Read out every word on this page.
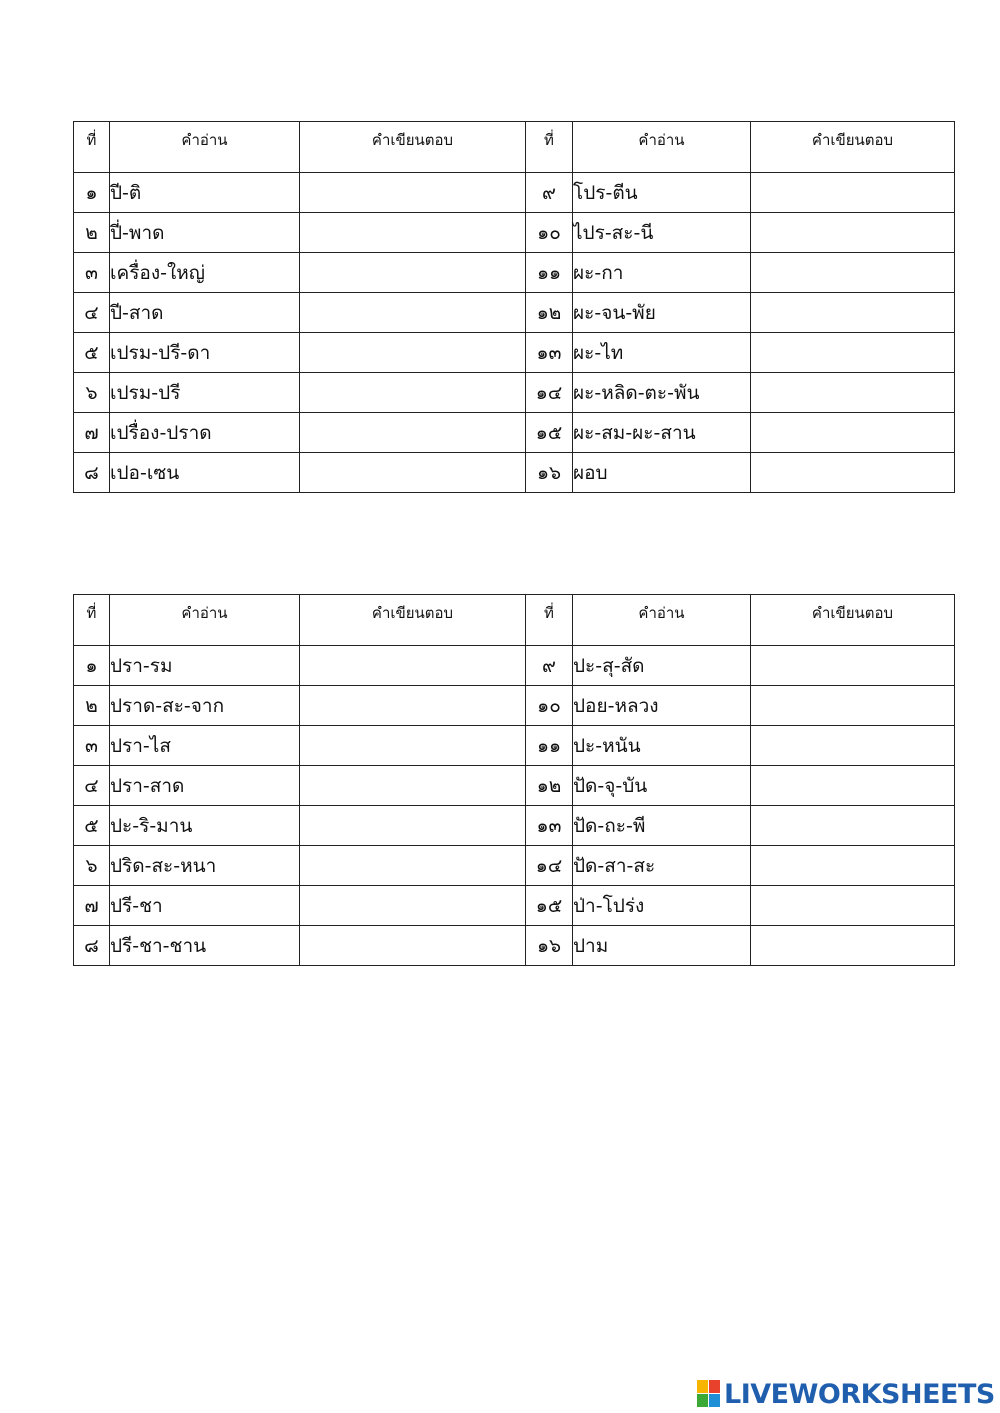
ที่	คำอ่าน	คำเขียนตอบ	ที่	คำอ่าน	คำเขียนตอบ
๑	ปี-ติ		๙	โปร-ตีน	
๒	ปี่-พาด		๑๐	ไปร-สะ-นี	
๓	เครื่อง-ใหญ่		๑๑	ผะ-กา	
๔	ปี-สาด		๑๒	ผะ-จน-พัย	
๕	เปรม-ปรี-ดา		๑๓	ผะ-ไท	
๖	เปรม-ปรี		๑๔	ผะ-หลิด-ตะ-พัน	
๗	เปรื่อง-ปราด		๑๕	ผะ-สม-ผะ-สาน	
๘	เปอ-เซน		๑๖	ผอบ	
ที่	คำอ่าน	คำเขียนตอบ	ที่	คำอ่าน	คำเขียนตอบ
๑	ปรา-รม		๙	ปะ-สุ-สัด	
๒	ปราด-สะ-จาก		๑๐	ปอย-หลวง	
๓	ปรา-ไส		๑๑	ปะ-หนัน	
๔	ปรา-สาด		๑๒	ปัด-จุ-บัน	
๕	ปะ-ริ-มาน		๑๓	ปัด-ถะ-พี	
๖	ปริด-สะ-หนา		๑๔	ปัด-สา-สะ	
๗	ปรี-ชา		๑๕	ป่า-โปร่ง	
๘	ปรี-ชา-ชาน		๑๖	ปาม	
LIVEWORKSHEETS
